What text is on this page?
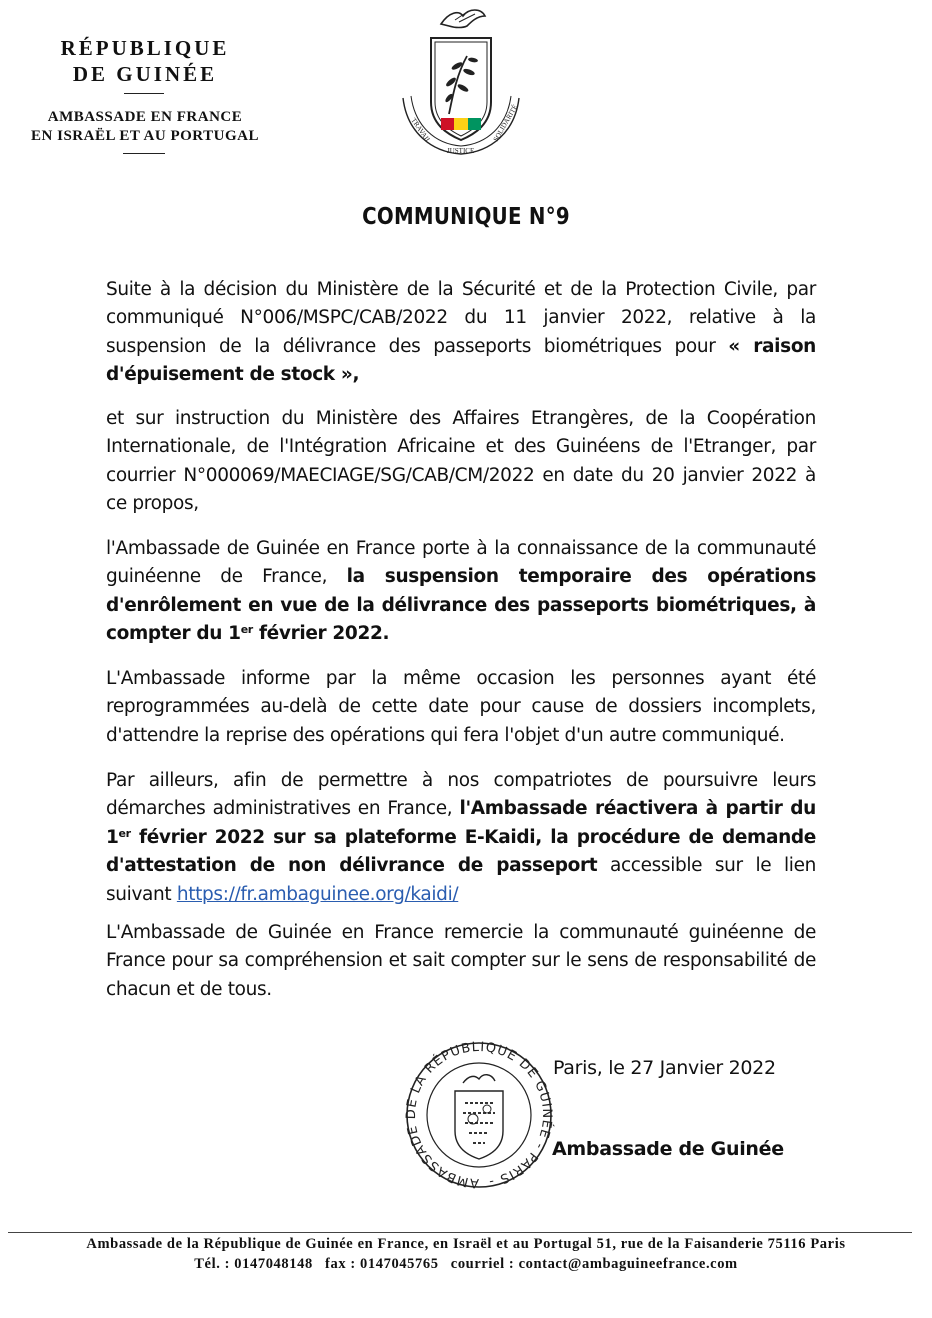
RÉPUBLIQUE
DE GUINÉE
AMBASSADE EN FRANCE
EN ISRAËL ET AU PORTUGAL	TRAVAIL
JUSTICE
SOLIDARITÉ
COMMUNIQUE N°9
Suite à la décision du Ministère de la Sécurité et de la Protection Civile, par communiqué N°006/MSPC/CAB/2022 du 11 janvier 2022, relative à la suspension de la délivrance des passeports biométriques pour « raison d'épuisement de stock »,
et sur instruction du Ministère des Affaires Etrangères, de la Coopération Internationale, de l'Intégration Africaine et des Guinéens de l'Etranger, par courrier N°000069/MAECIAGE/SG/CAB/CM/2022 en date du 20 janvier 2022 à ce propos,
l'Ambassade de Guinée en France porte à la connaissance de la communauté guinéenne de France, la suspension temporaire des opérations d'enrôlement en vue de la délivrance des passeports biométriques, à compter du 1er février 2022.
L'Ambassade informe par la même occasion les personnes ayant été reprogrammées au-delà de cette date pour cause de dossiers incomplets, d'attendre la reprise des opérations qui fera l'objet d'un autre communiqué.
Par ailleurs, afin de permettre à nos compatriotes de poursuivre leurs démarches administratives en France, l'Ambassade réactivera à partir du 1er février 2022 sur sa plateforme E-Kaidi, la procédure de demande d'attestation de non délivrance de passeport accessible sur le lien suivant https://fr.ambaguinee.org/kaidi/
L'Ambassade de Guinée en France remercie la communauté guinéenne de France pour sa compréhension et sait compter sur le sens de responsabilité de chacun et de tous.
Paris, le 27 Janvier 2022
AMBASSADE DE LA RÉPUBLIQUE DE GUINÉE - PARIS -
Ambassade de Guinée
Ambassade de la République de Guinée en France, en Israël et au Portugal 51, rue de la Faisanderie 75116 Paris
Tél. : 0147048148 fax : 0147045765 courriel : contact@ambaguineefrance.com
